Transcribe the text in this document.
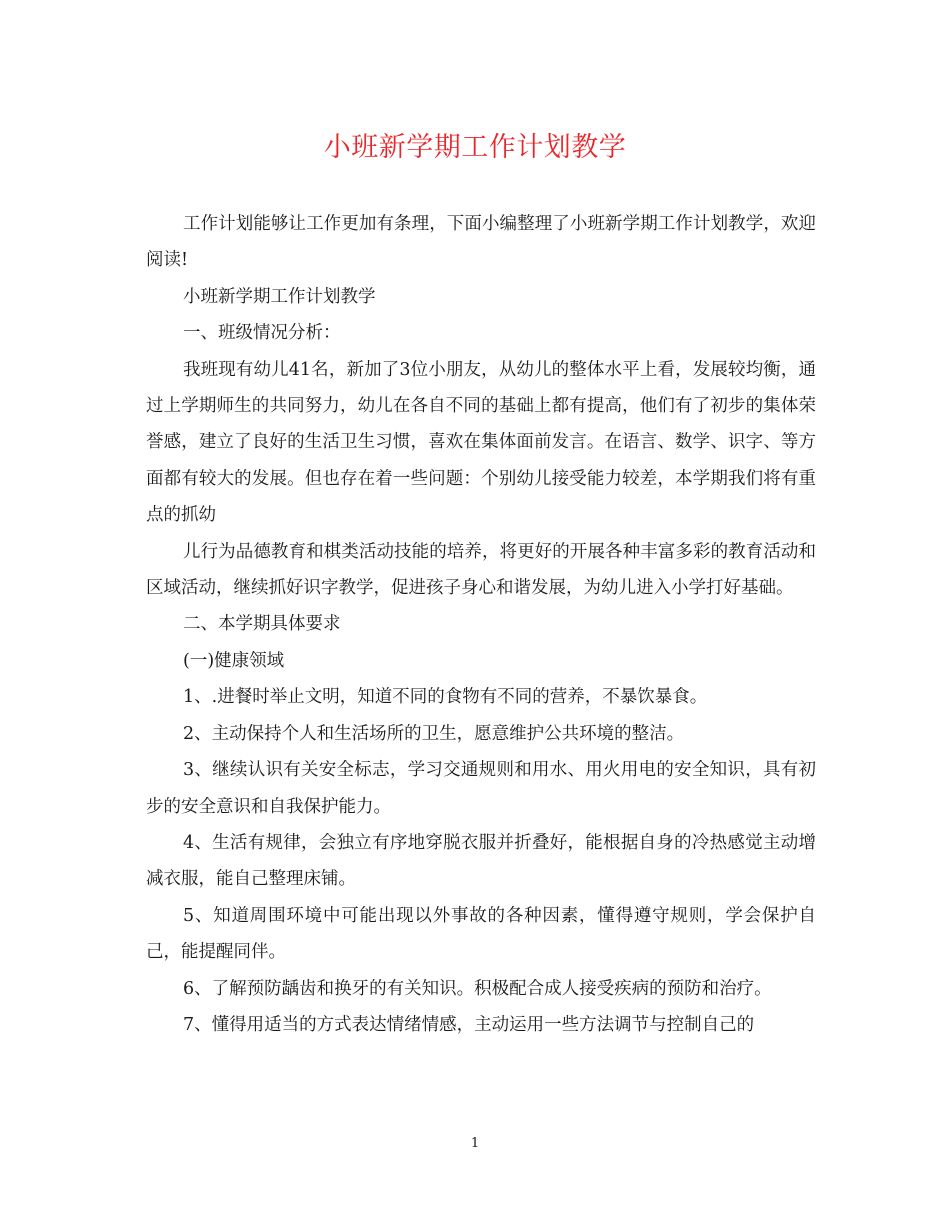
小班新学期工作计划教学

工作计划能够让工作更加有条理，下面小编整理了小班新学期工作计划教学，欢迎阅读!

小班新学期工作计划教学

一、班级情况分析：

我班现有幼儿41名，新加了3位小朋友，从幼儿的整体水平上看，发展较均衡，通过上学期师生的共同努力，幼儿在各自不同的基础上都有提高，他们有了初步的集体荣誉感，建立了良好的生活卫生习惯，喜欢在集体面前发言。在语言、数学、识字、等方面都有较大的发展。但也存在着一些问题：个别幼儿接受能力较差，本学期我们将有重点的抓幼

儿行为品德教育和棋类活动技能的培养，将更好的开展各种丰富多彩的教育活动和区域活动，继续抓好识字教学，促进孩子身心和谐发展，为幼儿进入小学打好基础。

二、本学期具体要求

(一)健康领域

1、.进餐时举止文明，知道不同的食物有不同的营养，不暴饮暴食。

2、主动保持个人和生活场所的卫生，愿意维护公共环境的整洁。

3、继续认识有关安全标志，学习交通规则和用水、用火用电的安全知识，具有初步的安全意识和自我保护能力。

4、生活有规律，会独立有序地穿脱衣服并折叠好，能根据自身的冷热感觉主动增减衣服，能自己整理床铺。

5、知道周围环境中可能出现以外事故的各种因素，懂得遵守规则，学会保护自己，能提醒同伴。

6、了解预防龋齿和换牙的有关知识。积极配合成人接受疾病的预防和治疗。

7、懂得用适当的方式表达情绪情感，主动运用一些方法调节与控制自己的

1
